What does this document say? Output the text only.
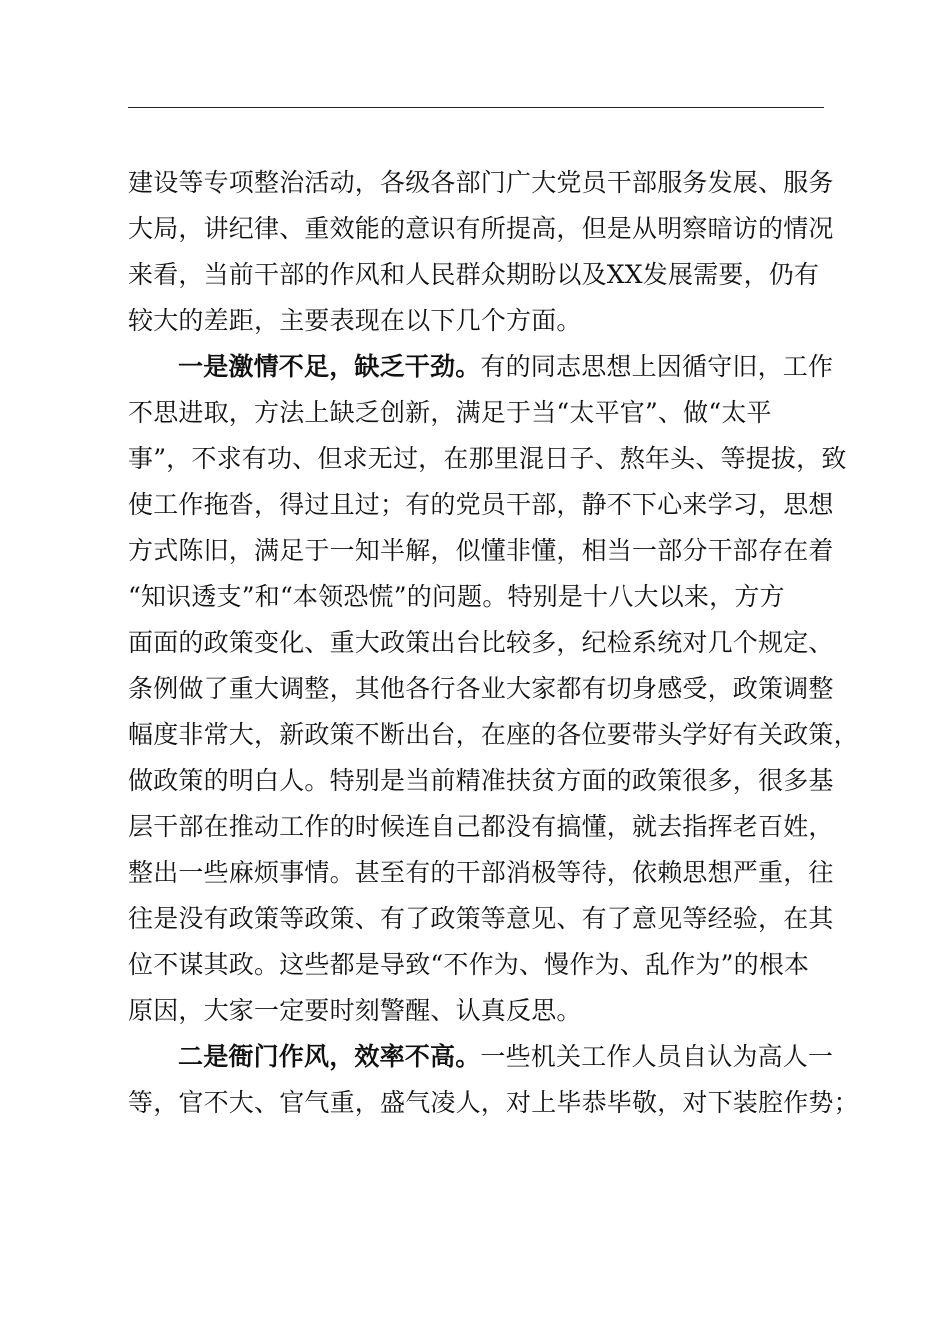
建设等专项整治活动，各级各部门广大党员干部服务发展、服务
大局，讲纪律、重效能的意识有所提高，但是从明察暗访的情况
来看，当前干部的作风和人民群众期盼以及XX发展需要，仍有
较大的差距，主要表现在以下几个方面。
一是激情不足，缺乏干劲。有的同志思想上因循守旧，工作
不思进取，方法上缺乏创新，满足于当“太平官”、做“太平
事”，不求有功、但求无过，在那里混日子、熬年头、等提拔，致
使工作拖沓，得过且过；有的党员干部，静不下心来学习，思想
方式陈旧，满足于一知半解，似懂非懂，相当一部分干部存在着
“知识透支”和“本领恐慌”的问题。特别是十八大以来，方方
面面的政策变化、重大政策出台比较多，纪检系统对几个规定、
条例做了重大调整，其他各行各业大家都有切身感受，政策调整
幅度非常大，新政策不断出台，在座的各位要带头学好有关政策，
做政策的明白人。特别是当前精准扶贫方面的政策很多，很多基
层干部在推动工作的时候连自己都没有搞懂，就去指挥老百姓，
整出一些麻烦事情。甚至有的干部消极等待，依赖思想严重，往
往是没有政策等政策、有了政策等意见、有了意见等经验，在其
位不谋其政。这些都是导致“不作为、慢作为、乱作为”的根本
原因，大家一定要时刻警醒、认真反思。
二是衙门作风，效率不高。一些机关工作人员自认为高人一
等，官不大、官气重，盛气凌人，对上毕恭毕敬，对下装腔作势；
